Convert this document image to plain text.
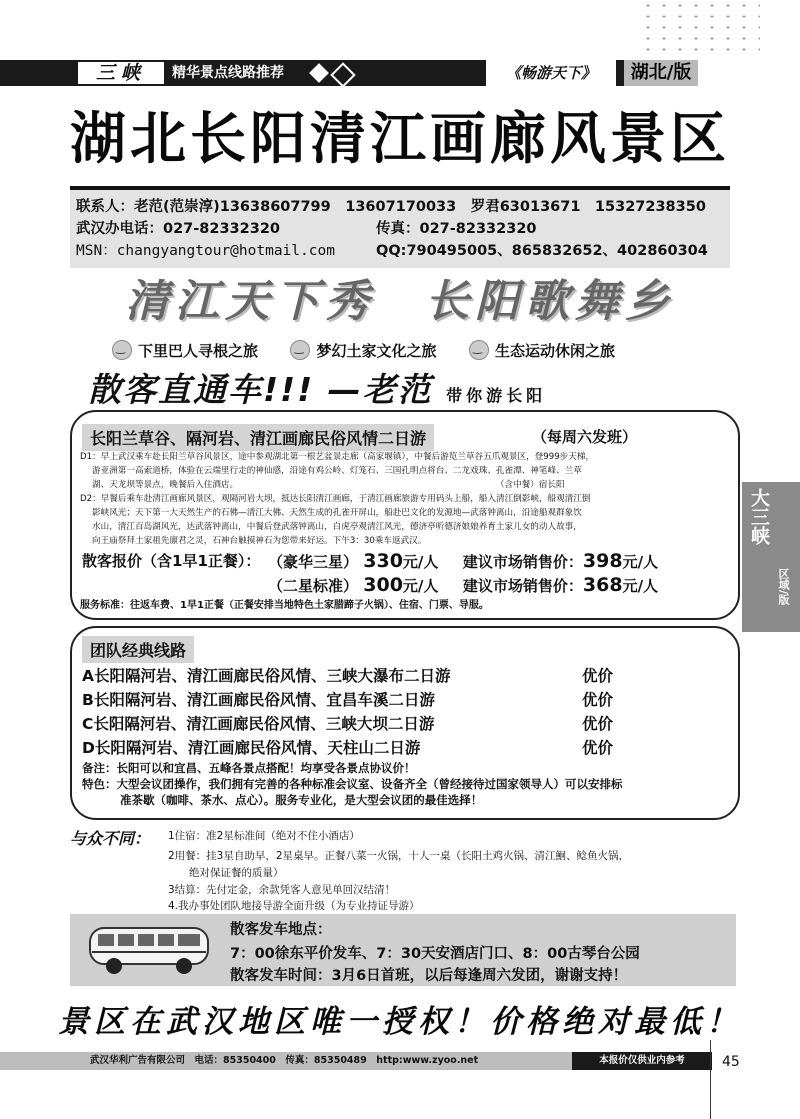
三峡	精华景点线路推荐	《畅游天下》	湖北/版
湖北长阳清江画廊风景区
联系人：老范(范崇淳)13638607799　13607170033　罗君63013671　15327238350
武汉办电话：027-82332320	传真：027-82332320
MSN：changyangtour@hotmail.com	QQ:790495005、865832652、402860304
清江天下秀　长阳歌舞乡
‿下里巴人寻根之旅 ‿	梦幻土家文化之旅 ‿	生态运动休闲之旅
散客直通车!!! —老范 带你游长阳
长阳兰草谷、隔河岩、清江画廊民俗风情二日游	（每周六发班）
D1：早上武汉乘车赴长阳兰草谷风景区，途中参观湖北第一根艺盆景走廊（高家堰镇），中餐后游览兰草谷五爪观景区，登999步天梯，
游亚洲第一高索道桥，体验在云端里行走的神仙感，沿途有鸡公岭、灯笼石、三国孔明点将台、二龙戏珠、孔雀潭、神笔峰、兰草
湖、天龙坝等景点，晚餐后入住酒店。　　　　　　　　　　　　　　　　　　　　　　　　　　　　　　　（含中餐）宿长阳
D2：早餐后乘车赴清江画廊风景区，观隔河岩大坝，抵达长阳清江画廊，于清江画廊旅游专用码头上船，船入清江倒影峡，船观清江倒
影峡风光；天下第一大天然生产的石佛—清江大佛、天然生成的孔雀开屏山，船赴巴文化的发源地—武落钟离山，沿途船观群象饮
水山，清江百岛湖风光，达武落钟离山，中餐后登武落钟离山，白虎亭观清江风光，德济亭听德济娘娘养育土家儿女的动人故事，
向王庙祭拜土家祖先廪君之灵，石神台触摸神石为您带来好运。下午3：30乘车返武汉。
散客报价（含1早1正餐）： （豪华三星） 330元/人 建议市场销售价：398元/人
（二星标准） 300元/人 建议市场销售价：368元/人
服务标准：往返车费、1早1正餐（正餐安排当地特色土家腊蹄子火锅）、住宿、门票、导服。
大三峡
区域/版
团队经典线路
A长阳隔河岩、清江画廊民俗风情、三峡大瀑布二日游	优价
B长阳隔河岩、清江画廊民俗风情、宜昌车溪二日游	优价
C长阳隔河岩、清江画廊民俗风情、三峡大坝二日游	优价
D长阳隔河岩、清江画廊民俗风情、天柱山二日游	优价
备注：长阳可以和宜昌、五峰各景点搭配！均享受各景点协议价！
特色：大型会议团操作，我们拥有完善的各种标准会议室、设备齐全（曾经接待过国家领导人）可以安排标
准茶歇（咖啡、茶水、点心）。服务专业化，是大型会议团的最佳选择！
与众不同： 1住宿：准2星标准间（绝对不住小酒店）
2用餐：挂3星自助早，2星桌早。正餐八菜一火锅，十人一桌（长阳土鸡火锅、清江鮰、鲶鱼火锅，
　　绝对保证餐的质量）
3结算：先付定金，余款凭客人意见单回汉结清！
4.我办事处团队地接导游全面升级（为专业持证导游）
散客发车地点：
7：00徐东平价发车、7：30天安酒店门口、8：00古琴台公园
散客发车时间：3月6日首班，以后每逢周六发团，谢谢支持！
景区在武汉地区唯一授权！价格绝对最低！
武汉华利广告有限公司　电话：85350400　传真：85350489　http:www.zyoo.net	本报价仅供业内参考	45
